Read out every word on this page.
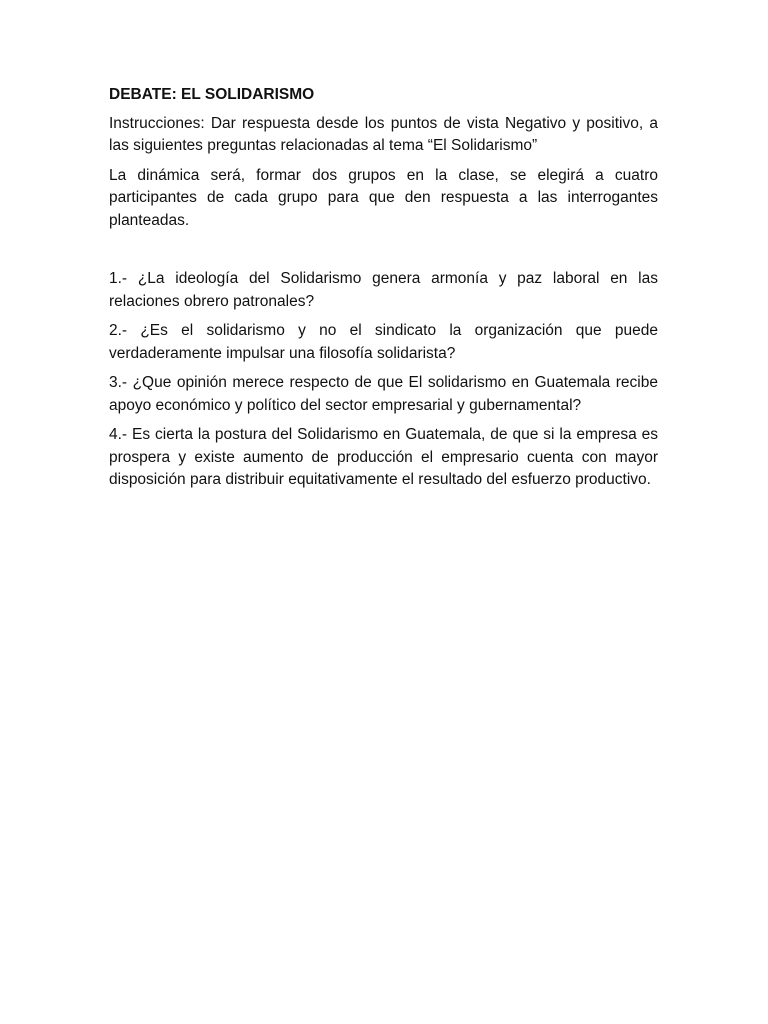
DEBATE: EL SOLIDARISMO

Instrucciones: Dar respuesta desde los puntos de vista Negativo y positivo, a las siguientes preguntas relacionadas al tema “El Solidarismo”

La dinámica será, formar dos grupos en la clase, se elegirá a cuatro participantes de cada grupo para que den respuesta a las interrogantes planteadas.

1.- ¿La ideología del Solidarismo genera armonía y paz laboral en las relaciones obrero patronales?

2.- ¿Es el solidarismo y no el sindicato la organización que puede verdaderamente impulsar una filosofía solidarista?

3.- ¿Que opinión merece respecto de que El solidarismo en Guatemala recibe apoyo económico y político del sector empresarial y gubernamental?

4.- Es cierta la postura del Solidarismo en Guatemala, de que si la empresa es prospera y existe aumento de producción el empresario cuenta con mayor disposición para distribuir equitativamente el resultado del esfuerzo productivo.
